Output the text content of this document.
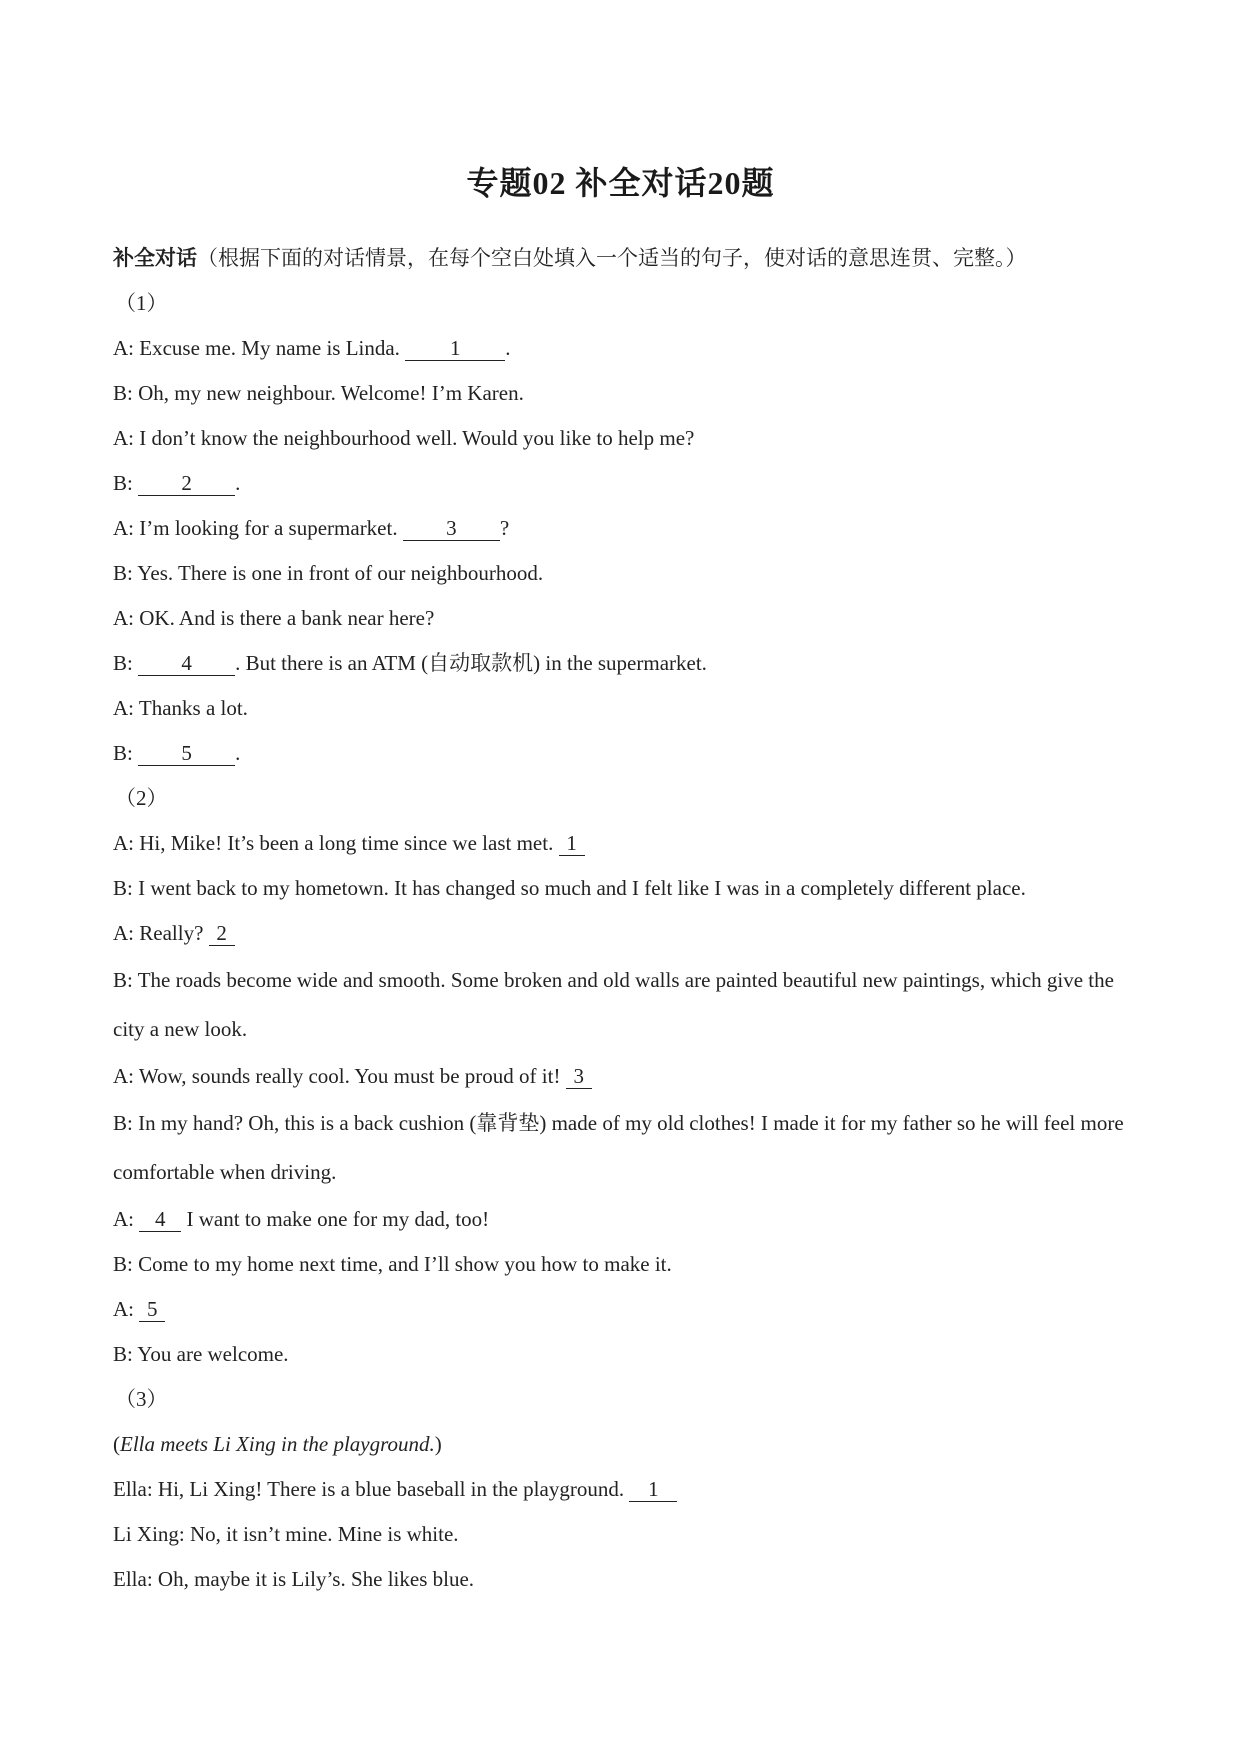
专题02 补全对话20题
补全对话（根据下面的对话情景，在每个空白处填入一个适当的句子，使对话的意思连贯、完整。）
（1）
A: Excuse me. My name is Linda. 1 .
B: Oh, my new neighbour. Welcome! I’m Karen.
A: I don’t know the neighbourhood well. Would you like to help me?
B: 2 .
A: I’m looking for a supermarket. 3 ?
B: Yes. There is one in front of our neighbourhood.
A: OK. And is there a bank near here?
B: 4 . But there is an ATM (自动取款机) in the supermarket.
A: Thanks a lot.
B: 5 .
（2）
A: Hi, Mike! It’s been a long time since we last met. 1
B: I went back to my hometown. It has changed so much and I felt like I was in a completely different place.
A: Really? 2
B: The roads become wide and smooth. Some broken and old walls are painted beautiful new paintings, which give the city a new look.
A: Wow, sounds really cool. You must be proud of it! 3
B: In my hand? Oh, this is a back cushion (靠背垫) made of my old clothes! I made it for my father so he will feel more comfortable when driving.
A: 4 I want to make one for my dad, too!
B: Come to my home next time, and I’ll show you how to make it.
A: 5
B: You are welcome.
（3）
(Ella meets Li Xing in the playground.)
Ella: Hi, Li Xing! There is a blue baseball in the playground. 1
Li Xing: No, it isn’t mine. Mine is white.
Ella: Oh, maybe it is Lily’s. She likes blue.
